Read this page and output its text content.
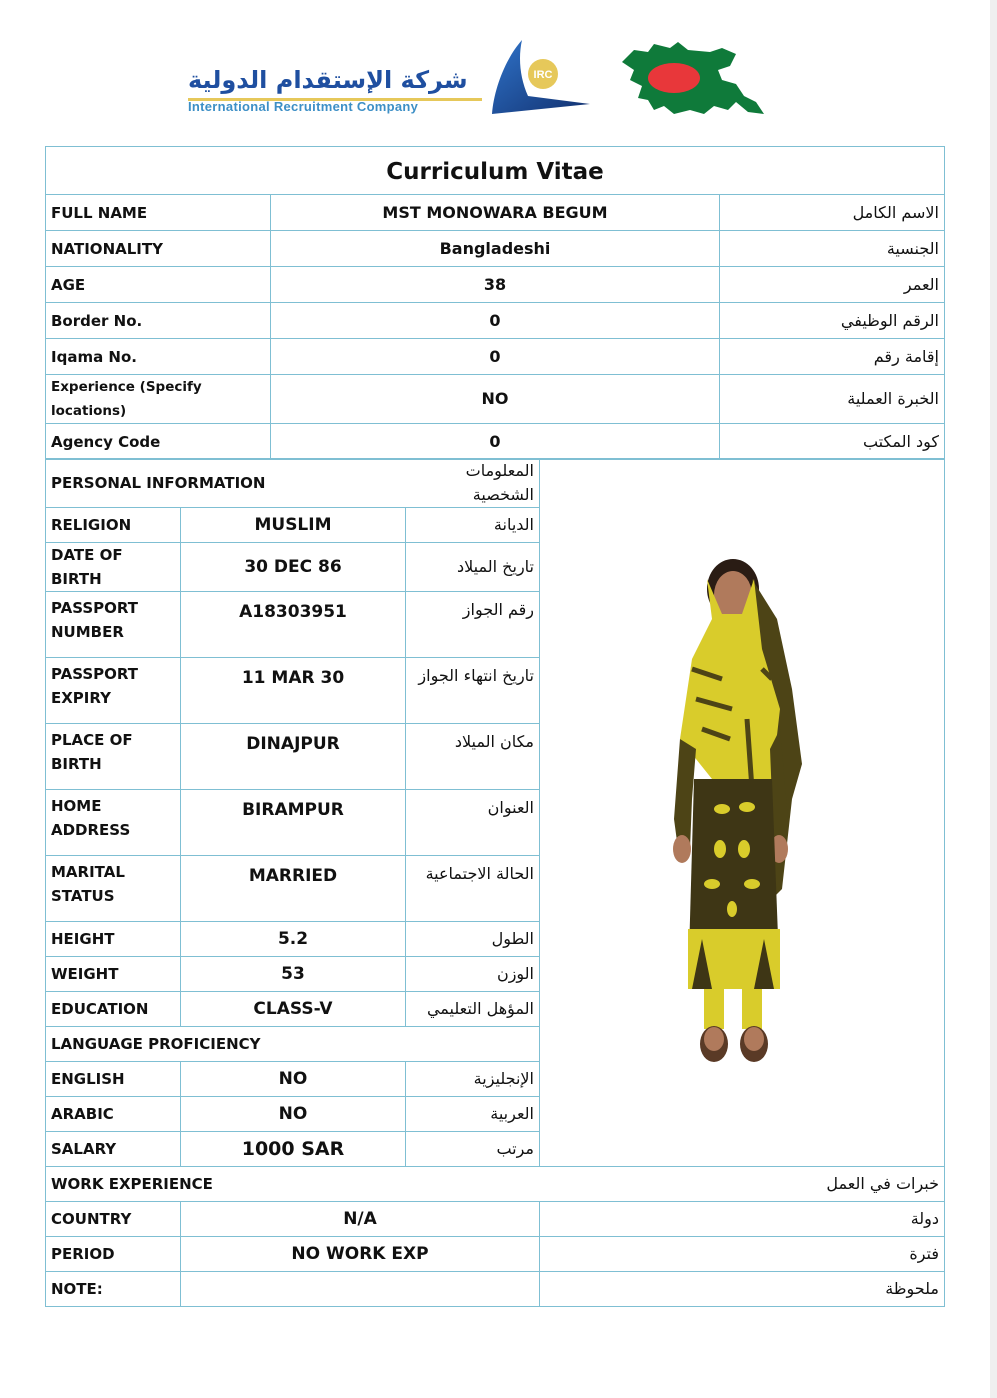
شركة الإستقدام الدولية
International Recruitment Company
IRC
Curriculum Vitae		
FULL NAME	MST MONOWARA BEGUM	الاسم الكامل
NATIONALITY	Bangladeshi	الجنسية
AGE	38	العمر
Border No.	0	الرقم الوظيفي
Iqama No.	0	إقامة رقم
Experience (Specify locations)	NO	الخبرة العملية
Agency Code	0	كود المكتب
PERSONAL INFORMATION		المعلومات الشخصية	
RELIGION	MUSLIM	الديانة	
DATE OF BIRTH	30 DEC 86	تاريخ الميلاد	
PASSPORT NUMBER	A18303951	رقم الجواز	
PASSPORT EXPIRY	11 MAR 30	تاريخ انتهاء الجواز	
PLACE OF BIRTH	DINAJPUR	مكان الميلاد	
HOME ADDRESS	BIRAMPUR	العنوان	
MARITAL STATUS	MARRIED	الحالة الاجتماعية	
HEIGHT	5.2	الطول	
WEIGHT	53	الوزن	
EDUCATION	CLASS-V	المؤهل التعليمي	
LANGUAGE PROFICIENCY			
ENGLISH	NO	الإنجليزية	
ARABIC	NO	العربية	
SALARY	1000 SAR	مرتب	
WORK EXPERIENCE			خبرات في العمل
COUNTRY	N/A		دولة
PERIOD	NO WORK EXP		فترة
NOTE:			ملحوظة
